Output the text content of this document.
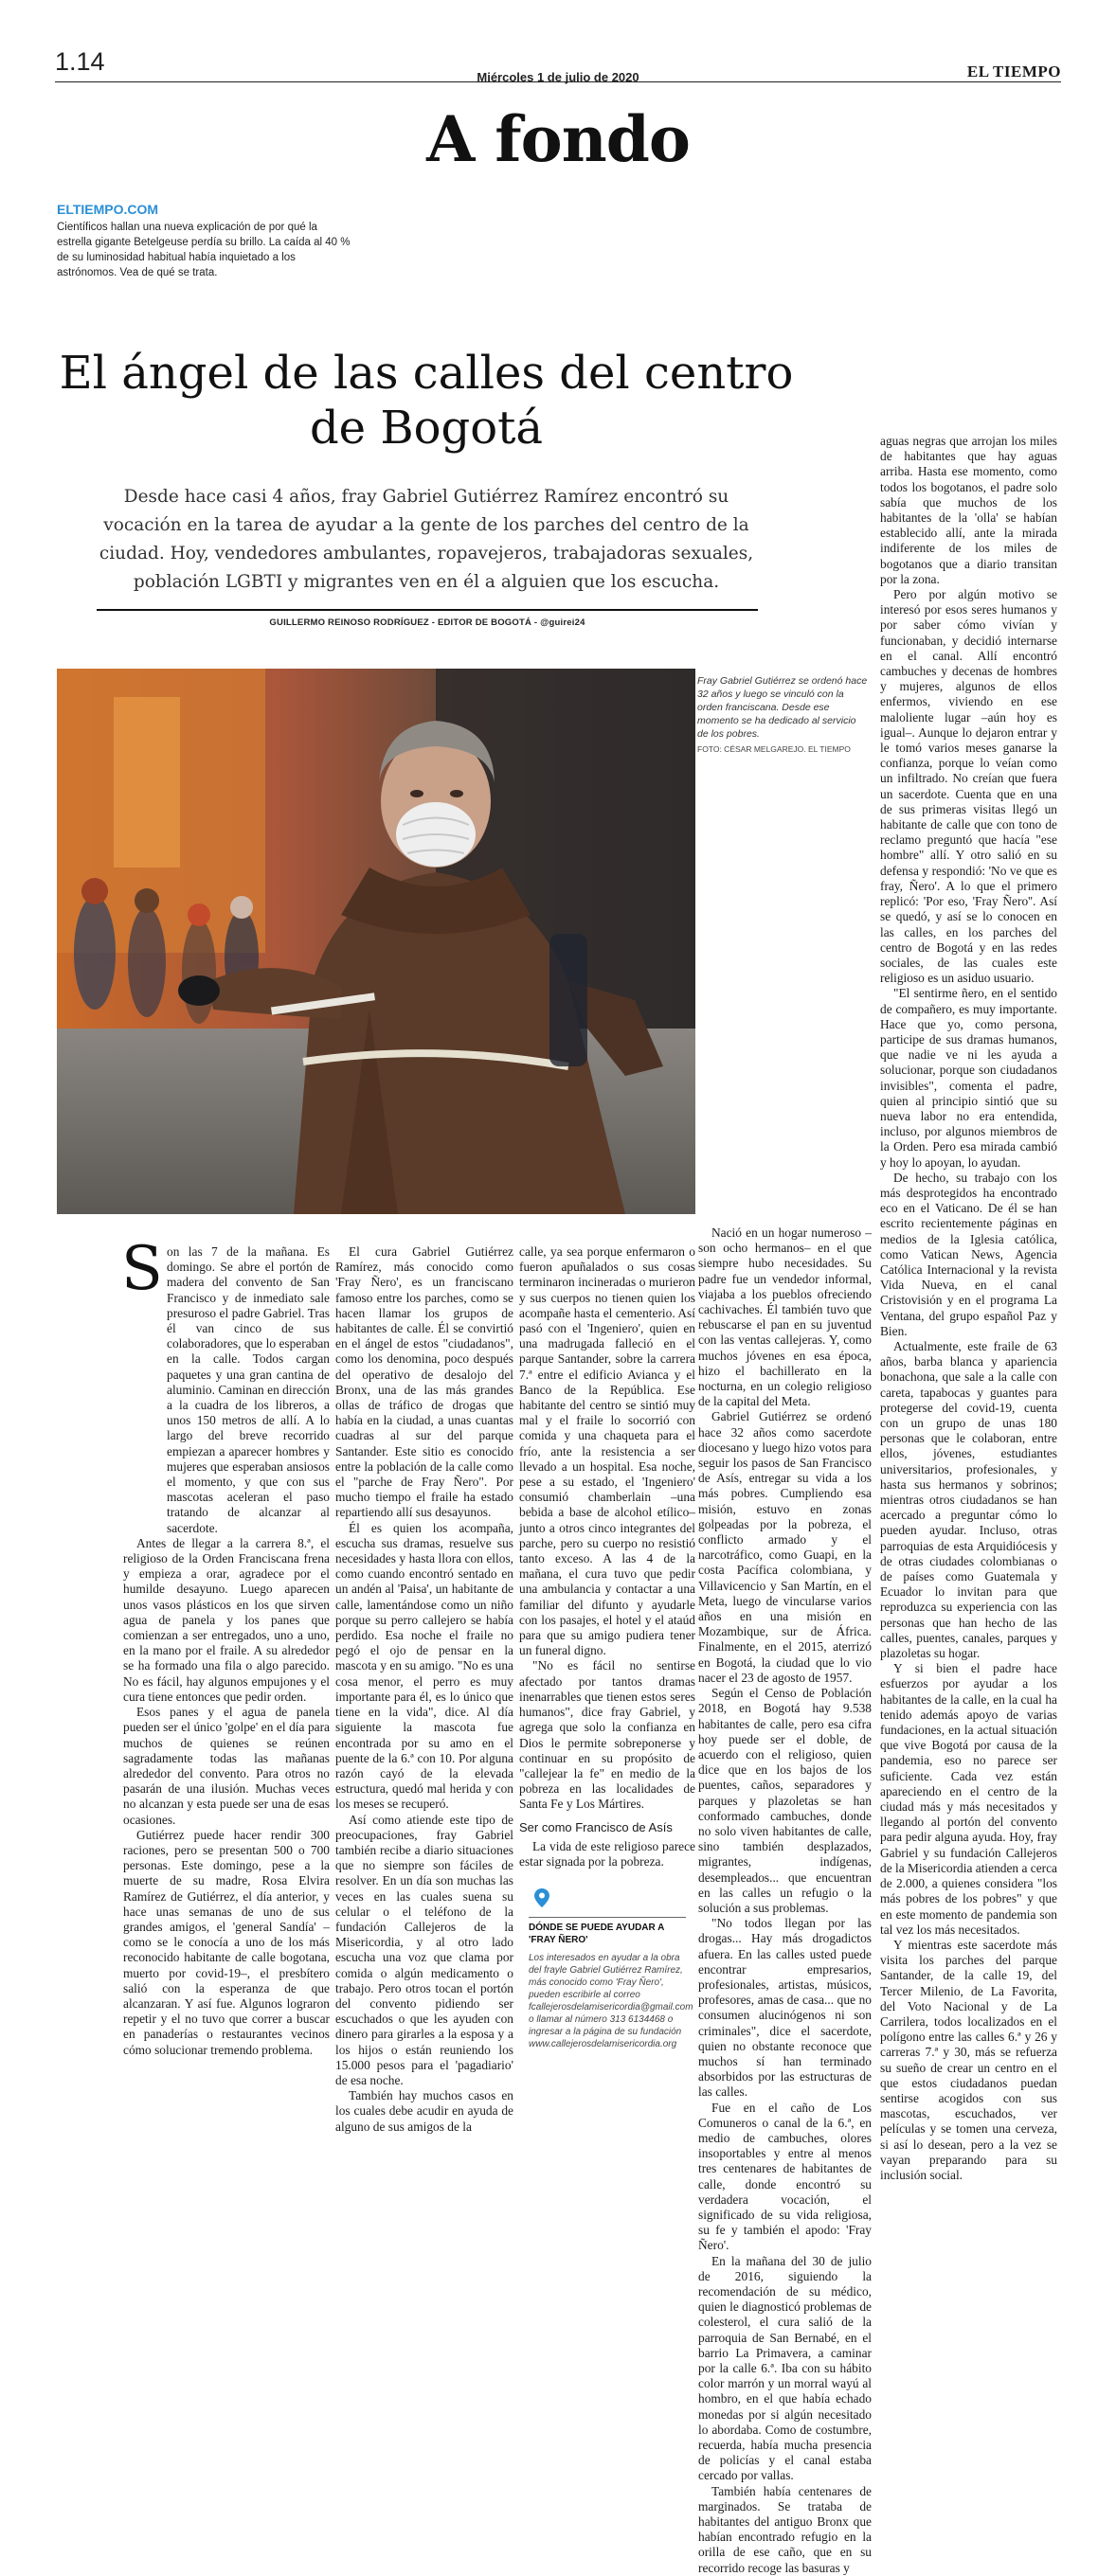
1.14
Miércoles 1 de julio de 2020	EL TIEMPO
A fondo
ELTIEMPO.COM
Científicos hallan una nueva explicación de por qué la estrella gigante Betelgeuse perdía su brillo. La caída al 40 % de su luminosidad habitual había inquietado a los astrónomos. Vea de qué se trata.
El ángel de las calles del centro de Bogotá

Desde hace casi 4 años, fray Gabriel Gutiérrez Ramírez encontró su vocación en la tarea de ayudar a la gente de los parches del centro de la ciudad. Hoy, vendedores ambulantes, ropavejeros, trabajadoras sexuales, población LGBTI y migrantes ven en él a alguien que los escucha.

GUILLERMO REINOSO RODRÍGUEZ - EDITOR DE BOGOTÁ - @guirei24
Fray Gabriel Gutiérrez se ordenó hace 32 años y luego se vinculó con la orden franciscana. Desde ese momento se ha dedicado al servicio de los pobres.
FOTO: CÉSAR MELGAREJO. EL TIEMPO
S on las 7 de la mañana. Es domingo. Se abre el portón de madera del convento de San Francisco y de inmediato sale presuroso el padre Gabriel. Tras él van cinco de sus colaboradores, que lo esperaban en la calle. Todos cargan paquetes y una gran cantina de aluminio. Caminan en dirección a la cuadra de los libreros, a unos 150 metros de allí. A lo largo del breve recorrido empiezan a aparecer hombres y mujeres que esperaban ansiosos el momento, y que con sus mascotas aceleran el paso tratando de alcanzar al sacerdote.

Antes de llegar a la carrera 8.ª, el religioso de la Orden Franciscana frena y empieza a orar, agradece por el humilde desayuno. Luego aparecen unos vasos plásticos en los que sirven agua de panela y los panes que comienzan a ser entregados, uno a uno, en la mano por el fraile. A su alrededor se ha formado una fila o algo parecido. No es fácil, hay algunos empujones y el cura tiene entonces que pedir orden.

Esos panes y el agua de panela pueden ser el único 'golpe' en el día para muchos de quienes se reúnen sagradamente todas las mañanas alrededor del convento. Para otros no pasarán de una ilusión. Muchas veces no alcanzan y esta puede ser una de esas ocasiones.

Gutiérrez puede hacer rendir 300 raciones, pero se presentan 500 o 700 personas. Este domingo, pese a la muerte de su madre, Rosa Elvira Ramírez de Gutiérrez, el día anterior, y hace unas semanas de uno de sus grandes amigos, el 'general Sandía' –como se le conocía a uno de los más reconocido habitante de calle bogotana, muerto por covid-19–, el presbítero salió con la esperanza de que alcanzaran. Y así fue. Algunos lograron repetir y el no tuvo que correr a buscar en panaderías o restaurantes vecinos cómo solucionar tremendo problema.

El cura Gabriel Gutiérrez Ramírez, más conocido como 'Fray Ñero', es un franciscano famoso entre los parches, como se hacen llamar los grupos de habitantes de calle. Él se convirtió en el ángel de estos "ciudadanos", como los denomina, poco después del operativo de desalojo del Bronx, una de las más grandes ollas de tráfico de drogas que había en la ciudad, a unas cuantas cuadras al sur del parque Santander. Este sitio es conocido entre la población de la calle como el "parche de Fray Ñero". Por mucho tiempo el fraile ha estado repartiendo allí sus desayunos.

Él es quien los acompaña, escucha sus dramas, resuelve sus necesidades y hasta llora con ellos, como cuando encontró sentado en un andén al 'Paisa', un habitante de calle, lamentándose como un niño porque su perro callejero se había perdido. Esa noche el fraile no pegó el ojo de pensar en la mascota y en su amigo. "No es una cosa menor, el perro es muy importante para él, es lo único que tiene en la vida", dice. Al día siguiente la mascota fue encontrada por su amo en el puente de la 6.ª con 10. Por alguna razón cayó de la elevada estructura, quedó mal herida y con los meses se recuperó.

Así como atiende este tipo de preocupaciones, fray Gabriel también recibe a diario situaciones que no siempre son fáciles de resolver. En un día son muchas las veces en las cuales suena su celular o el teléfono de la fundación Callejeros de la Misericordia, y al otro lado escucha una voz que clama por comida o algún medicamento o trabajo. Pero otros tocan el portón del convento pidiendo ser escuchados o que les ayuden con dinero para girarles a la esposa y a los hijos o están reuniendo los 15.000 pesos para el 'pagadiario' de esa noche.

También hay muchos casos en los cuales debe acudir en ayuda de alguno de sus amigos de la

calle, ya sea porque enfermaron o fueron apuñalados o sus cosas terminaron incineradas o murieron y sus cuerpos no tienen quien los acompañe hasta el cementerio. Así pasó con el 'Ingeniero', quien en una madrugada falleció en el parque Santander, sobre la carrera 7.ª entre el edificio Avianca y el Banco de la República. Ese habitante del centro se sintió muy mal y el fraile lo socorrió con comida y una chaqueta para el frío, ante la resistencia a ser llevado a un hospital. Esa noche, pese a su estado, el 'Ingeniero' consumió chamberlain –una bebida a base de alcohol etílico– junto a otros cinco integrantes del parche, pero su cuerpo no resistió tanto exceso. A las 4 de la mañana, el cura tuvo que pedir una ambulancia y contactar a una familiar del difunto y ayudarle con los pasajes, el hotel y el ataúd para que su amigo pudiera tener un funeral digno.

"No es fácil no sentirse afectado por tantos dramas inenarrables que tienen estos seres humanos", dice fray Gabriel, y agrega que solo la confianza en Dios le permite sobreponerse y continuar en su propósito de "callejear la fe" en medio de la pobreza en las localidades de Santa Fe y Los Mártires.

Ser como Francisco de Asís

La vida de este religioso parece estar signada por la pobreza.

DÓNDE SE PUEDE AYUDAR A 'FRAY ÑERO'
Los interesados en ayudar a la obra del frayle Gabriel Gutiérrez Ramírez, más conocido como 'Fray Ñero', pueden escribirle al correo fcallejerosdelamisericordia@gmail.com o llamar al número 313 6134468 o ingresar a la página de su fundación www.callejerosdelamisericordia.org

Nació en un hogar numeroso –son ocho hermanos– en el que siempre hubo necesidades. Su padre fue un vendedor informal, viajaba a los pueblos ofreciendo cachivaches. Él también tuvo que rebuscarse el pan en su juventud con las ventas callejeras. Y, como muchos jóvenes en esa época, hizo el bachillerato en la nocturna, en un colegio religioso de la capital del Meta.

Gabriel Gutiérrez se ordenó hace 32 años como sacerdote diocesano y luego hizo votos para seguir los pasos de San Francisco de Asís, entregar su vida a los más pobres. Cumpliendo esa misión, estuvo en zonas golpeadas por la pobreza, el conflicto armado y el narcotráfico, como Guapi, en la costa Pacífica colombiana, y Villavicencio y San Martín, en el Meta, luego de vincularse varios años en una misión en Mozambique, sur de África. Finalmente, en el 2015, aterrizó en Bogotá, la ciudad que lo vio nacer el 23 de agosto de 1957.

Según el Censo de Población 2018, en Bogotá hay 9.538 habitantes de calle, pero esa cifra hoy puede ser el doble, de acuerdo con el religioso, quien dice que en los bajos de los puentes, caños, separadores y parques y plazoletas se han conformado cambuches, donde no solo viven habitantes de calle, sino también desplazados, migrantes, indígenas, desempleados... que encuentran en las calles un refugio o la solución a sus problemas.

"No todos llegan por las drogas... Hay más drogadictos afuera. En las calles usted puede encontrar empresarios, profesionales, artistas, músicos, profesores, amas de casa... que no consumen alucinógenos ni son criminales", dice el sacerdote, quien no obstante reconoce que muchos sí han terminado absorbidos por las estructuras de las calles.

Fue en el caño de Los Comuneros o canal de la 6.ª, en medio de cambuches, olores insoportables y entre al menos tres centenares de habitantes de calle, donde encontró su verdadera vocación, el significado de su vida religiosa, su fe y también el apodo: 'Fray Ñero'.

En la mañana del 30 de julio de 2016, siguiendo la recomendación de su médico, quien le diagnosticó problemas de colesterol, el cura salió de la parroquia de San Bernabé, en el barrio La Primavera, a caminar por la calle 6.ª. Iba con su hábito color marrón y un morral wayú al hombro, en el que había echado monedas por si algún necesitado lo abordaba. Como de costumbre, recuerda, había mucha presencia de policías y el canal estaba cercado por vallas.

También había centenares de marginados. Se trataba de habitantes del antiguo Bronx que habían encontrado refugio en la orilla de ese caño, que en su recorrido recoge las basuras y

aguas negras que arrojan los miles de habitantes que hay aguas arriba. Hasta ese momento, como todos los bogotanos, el padre solo sabía que muchos de los habitantes de la 'olla' se habían establecido allí, ante la mirada indiferente de los miles de bogotanos que a diario transitan por la zona.

Pero por algún motivo se interesó por esos seres humanos y por saber cómo vivían y funcionaban, y decidió internarse en el canal. Allí encontró cambuches y decenas de hombres y mujeres, algunos de ellos enfermos, viviendo en ese maloliente lugar –aún hoy es igual–. Aunque lo dejaron entrar y le tomó varios meses ganarse la confianza, porque lo veían como un infiltrado. No creían que fuera un sacerdote. Cuenta que en una de sus primeras visitas llegó un habitante de calle que con tono de reclamo preguntó que hacía "ese hombre" allí. Y otro salió en su defensa y respondió: 'No ve que es fray, Ñero'. A lo que el primero replicó: 'Por eso, 'Fray Ñero''. Así se quedó, y así se lo conocen en las calles, en los parches del centro de Bogotá y en las redes sociales, de las cuales este religioso es un asiduo usuario.

"El sentirme ñero, en el sentido de compañero, es muy importante. Hace que yo, como persona, participe de sus dramas humanos, que nadie ve ni les ayuda a solucionar, porque son ciudadanos invisibles", comenta el padre, quien al principio sintió que su nueva labor no era entendida, incluso, por algunos miembros de la Orden. Pero esa mirada cambió y hoy lo apoyan, lo ayudan.

De hecho, su trabajo con los más desprotegidos ha encontrado eco en el Vaticano. De él se han escrito recientemente páginas en medios de la Iglesia católica, como Vatican News, Agencia Católica Internacional y la revista Vida Nueva, en el canal Cristovisión y en el programa La Ventana, del grupo español Paz y Bien.

Actualmente, este fraile de 63 años, barba blanca y apariencia bonachona, que sale a la calle con careta, tapabocas y guantes para protegerse del covid-19, cuenta con un grupo de unas 180 personas que le colaboran, entre ellos, jóvenes, estudiantes universitarios, profesionales, y hasta sus hermanos y sobrinos; mientras otros ciudadanos se han acercado a preguntar cómo lo pueden ayudar. Incluso, otras parroquias de esta Arquidiócesis y de otras ciudades colombianas o de países como Guatemala y Ecuador lo invitan para que reproduzca su experiencia con las personas que han hecho de las calles, puentes, canales, parques y plazoletas su hogar.

Y si bien el padre hace esfuerzos por ayudar a los habitantes de la calle, en la cual ha tenido además apoyo de varias fundaciones, en la actual situación que vive Bogotá por causa de la pandemia, eso no parece ser suficiente. Cada vez están apareciendo en el centro de la ciudad más y más necesitados y llegando al portón del convento para pedir alguna ayuda. Hoy, fray Gabriel y su fundación Callejeros de la Misericordia atienden a cerca de 2.000, a quienes considera "los más pobres de los pobres" y que en este momento de pandemia son tal vez los más necesitados.

Y mientras este sacerdote más visita los parches del parque Santander, de la calle 19, del Tercer Milenio, de La Favorita, del Voto Nacional y de La Carrilera, todos localizados en el polígono entre las calles 6.ª y 26 y carreras 7.ª y 30, más se refuerza su sueño de crear un centro en el que estos ciudadanos puedan sentirse acogidos con sus mascotas, escuchados, ver películas y se tomen una cerveza, si así lo desean, pero a la vez se vayan preparando para su inclusión social.
